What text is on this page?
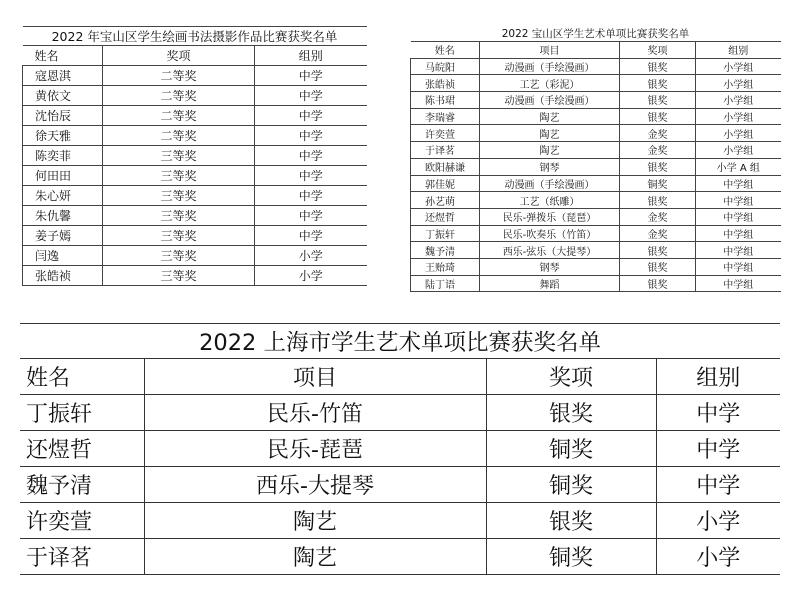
2022 年宝山区学生绘画书法摄影作品比赛获奖名单		
姓名	奖项	组别
寇恩淇	二等奖	中学
黄依文	二等奖	中学
沈怡辰	二等奖	中学
徐天雅	二等奖	中学
陈奕菲	三等奖	中学
何田田	三等奖	中学
朱心妍	三等奖	中学
朱仇馨	三等奖	中学
姜子嫣	三等奖	中学
闫逸	三等奖	小学
张皓祯	三等奖	小学
2022 宝山区学生艺术单项比赛获奖名单			
姓名	项目	奖项	组别
马皖阳	动漫画（手绘漫画）	银奖	小学组
张皓祯	工艺（彩泥）	银奖	小学组
陈书珺	动漫画（手绘漫画）	银奖	小学组
李瑞睿	陶艺	银奖	小学组
许奕萱	陶艺	金奖	小学组
于译茗	陶艺	金奖	小学组
欧阳赫谦	钢琴	银奖	小学 A 组
郭佳妮	动漫画（手绘漫画）	铜奖	中学组
孙艺萌	工艺（纸雕）	银奖	中学组
还煜哲	民乐-弹拨乐（琵琶）	金奖	中学组
丁振轩	民乐-吹奏乐（竹笛）	金奖	中学组
魏予清	西乐-弦乐（大提琴）	银奖	中学组
王贻琦	钢琴	银奖	中学组
陆丁语	舞蹈	银奖	中学组
2022 上海市学生艺术单项比赛获奖名单			
姓名	项目	奖项	组别
丁振轩	民乐-竹笛	银奖	中学
还煜哲	民乐-琵琶	铜奖	中学
魏予清	西乐-大提琴	铜奖	中学
许奕萱	陶艺	银奖	小学
于译茗	陶艺	铜奖	小学
